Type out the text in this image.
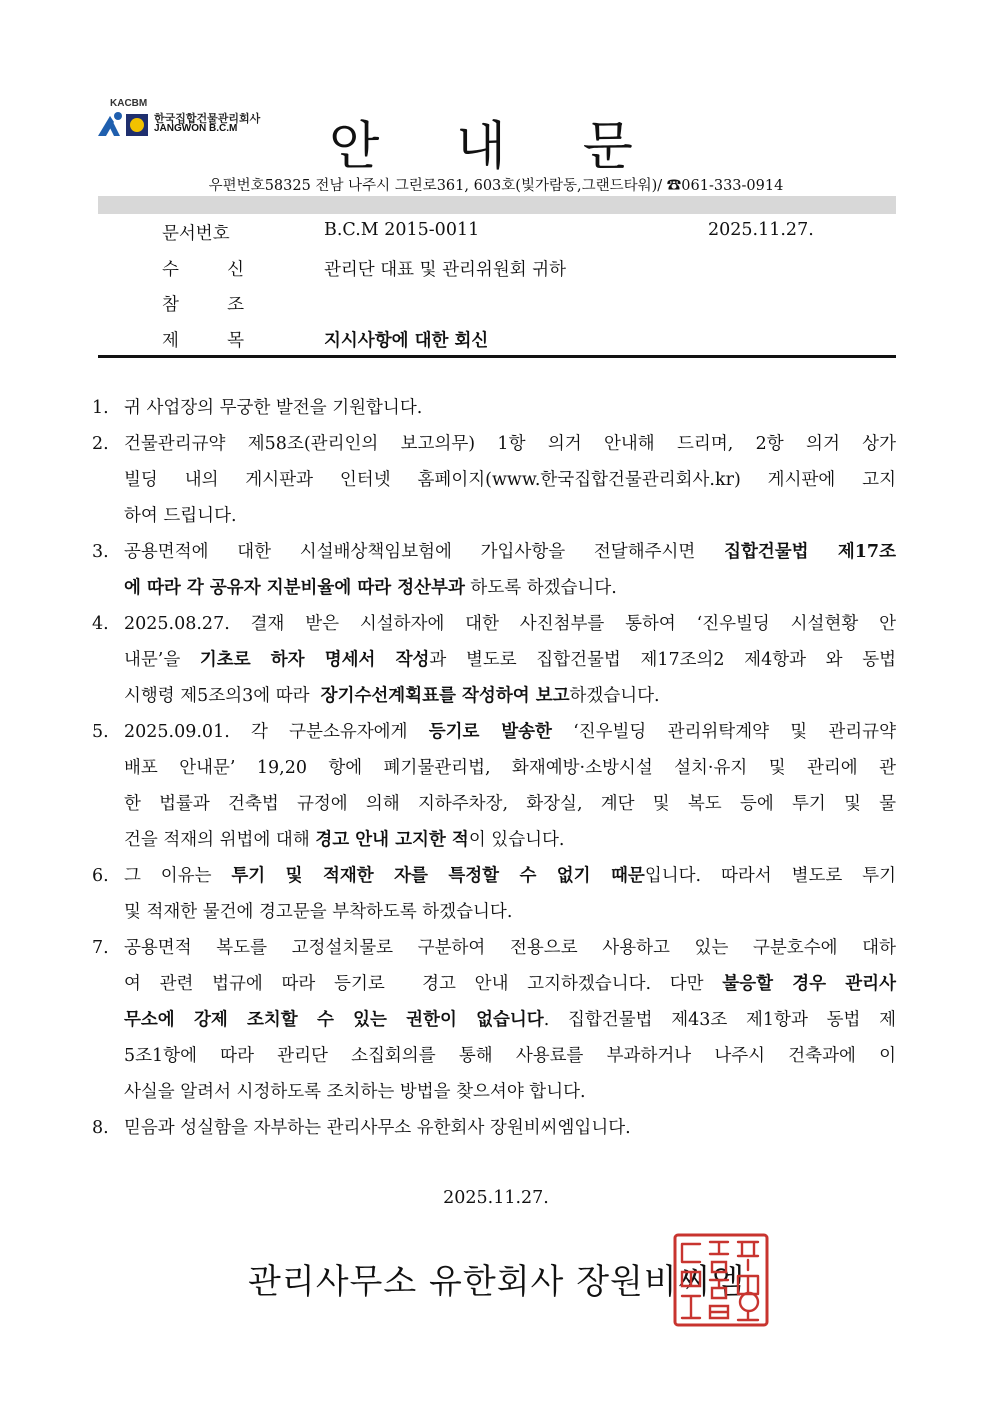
KACBM
한국집합건물관리회사
JANGWON B.C.M	안 내 문
우편번호58325 전남 나주시 그린로361, 603호(빛가람동,그랜드타워)/ ☎061-333-0914
문서번호	B.C.M 2015-0011	2025.11.27.
수	신	관리단 대표 및 관리위원회 귀하
참	조
제	목	지시사항에 대한 회신
1. 귀 사업장의 무궁한 발전을 기원합니다.
2. 건물관리규약 제58조(관리인의 보고의무) 1항 의거 안내해 드리며, 2항 의거 상가
빌딩 내의 게시판과 인터넷 홈페이지(www.한국집합건물관리회사.kr) 게시판에 고지
하여 드립니다.
3. 공용면적에 대한 시설배상책임보험에 가입사항을 전달해주시면 집합건물법 제17조
에 따라 각 공유자 지분비율에 따라 정산부과 하도록 하겠습니다.
4. 2025.08.27. 결재 받은 시설하자에 대한 사진첨부를 통하여 ‘진우빌딩 시설현황 안
내문’을 기초로 하자 명세서 작성과 별도로 집합건물법 제17조의2 제4항과 와 동법
시행령 제5조의3에 따라  장기수선계획표를 작성하여 보고하겠습니다.
5. 2025.09.01. 각 구분소유자에게 등기로 발송한 ‘진우빌딩 관리위탁계약 및 관리규약
배포 안내문’ 19,20 항에 폐기물관리법, 화재예방·소방시설 설치·유지 및 관리에 관
한 법률과 건축법 규정에 의해 지하주차장, 화장실, 계단 및 복도 등에 투기 및 물
건을 적재의 위법에 대해 경고 안내 고지한 적이 있습니다.
6. 그 이유는 투기 및 적재한 자를 특정할 수 없기 때문입니다. 따라서 별도로 투기
및 적재한 물건에 경고문을 부착하도록 하겠습니다.
7. 공용면적 복도를 고정설치물로 구분하여 전용으로 사용하고 있는 구분호수에 대하
여 관련 법규에 따라 등기로  경고 안내 고지하겠습니다. 다만 불응할 경우 관리사
무소에 강제 조치할 수 있는 권한이 없습니다. 집합건물법 제43조 제1항과 동법 제
5조1항에 따라 관리단 소집회의를 통해 사용료를 부과하거나 나주시 건축과에 이
사실을 알려서 시정하도록 조치하는 방법을 찾으셔야 합니다.
8. 믿음과 성실함을 자부하는 관리사무소 유한회사 장원비씨엠입니다.
2025.11.27.
관리사무소 유한회사 장원비씨엠
